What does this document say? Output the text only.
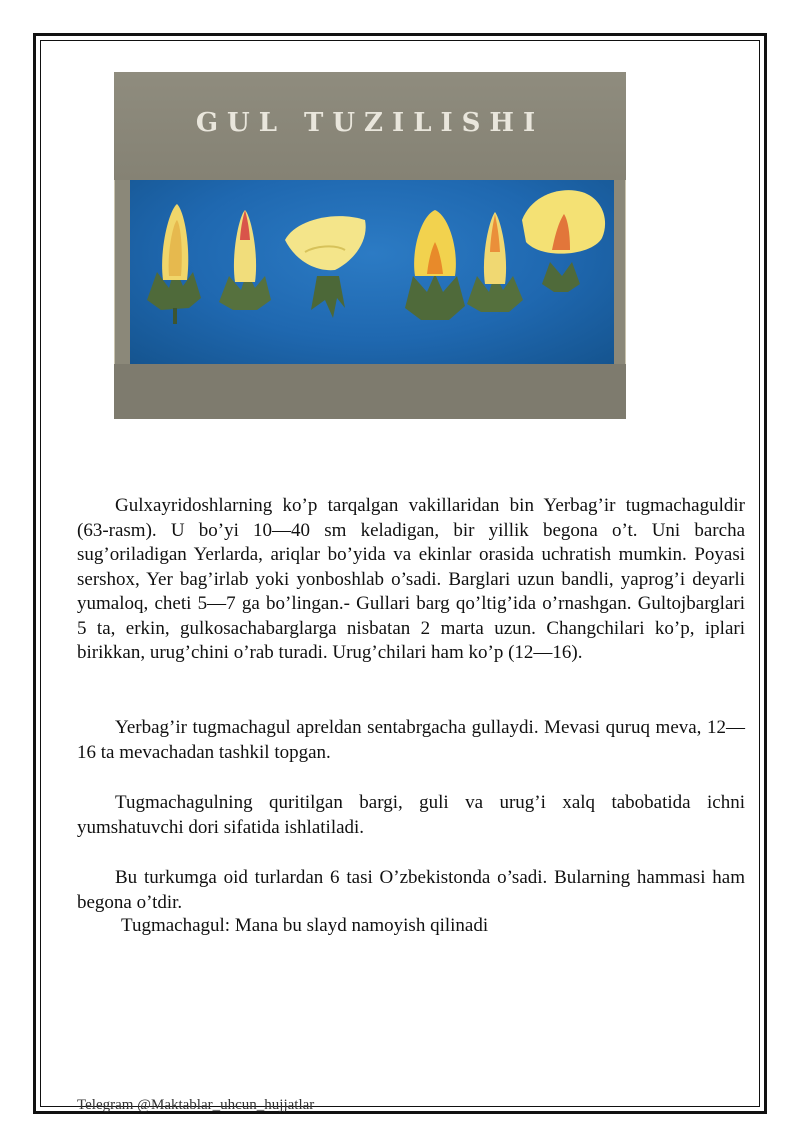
GUL TUZILISHI

Gulxayridoshlarning ko’p tarqalgan vakillaridan bin Yerbag’ir tugmachaguldir (63-rasm). U bo’yi 10—40 sm keladigan, bir yillik begona o’t. Uni barcha sug’oriladigan Yerlarda, ariqlar bo’yida va ekinlar orasida uchratish mumkin. Poyasi sershox, Yer bag’irlab yoki yonboshlab o’sadi. Barglari uzun bandli, yaprog’i deyarli yumaloq, cheti 5—7 ga bo’lingan.- Gullari barg qo’ltig’ida o’rnashgan. Gultojbarglari 5 ta, erkin, gulkosachabarglarga nisbatan 2 marta uzun. Changchilari ko’p, iplari birikkan, urug’chini o’rab turadi. Urug’chilari ham ko’p (12—16).

Yerbag’ir tugmachagul apreldan sentabrgacha gullaydi. Mevasi quruq meva, 12—16 ta mevachadan tashkil topgan.

Tugmachagulning quritilgan bargi, guli va urug’i xalq tabobatida ichni yumshatuvchi dori sifatida ishlatiladi.

Bu turkumga oid turlardan 6 tasi O’zbekistonda o’sadi. Bularning hammasi ham begona o’tdir.

Tugmachagul: Mana bu slayd namoyish qilinadi

Telegram @Maktablar_uhcun_hujjatlar
